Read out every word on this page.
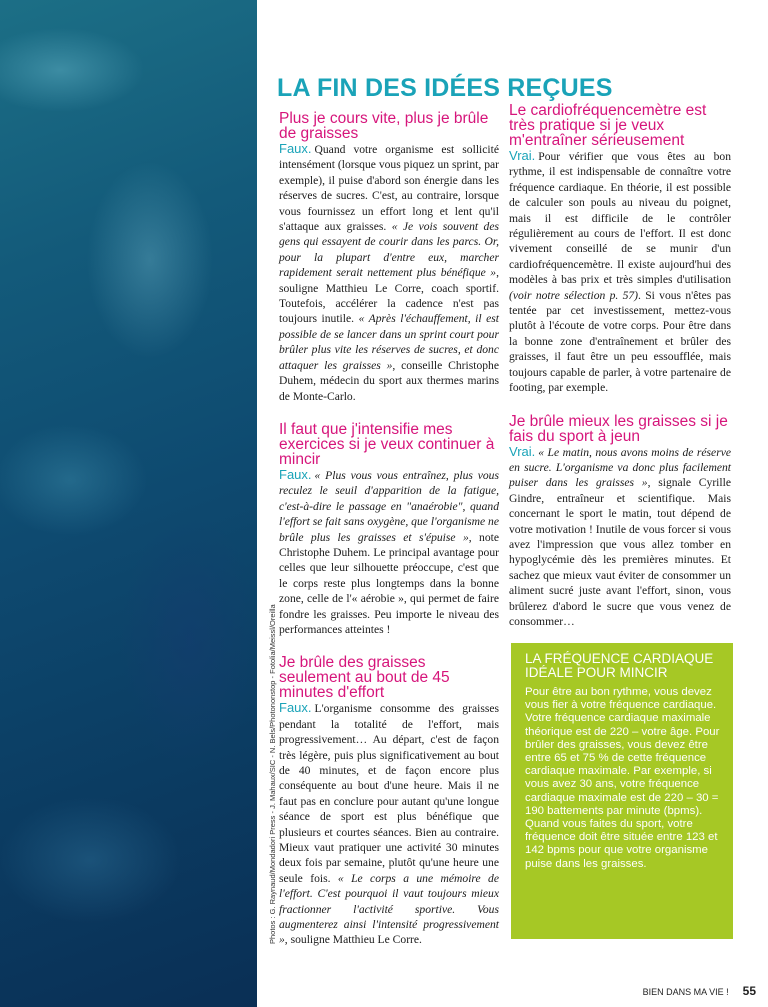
Photos : G. Raynaud/Mondadori Press - J. Mahaux/SIC - N. Bels/Photononstop - Fotolia/Meissl/Oreilla
LA FIN DES IDÉES REÇUES
Plus je cours vite, plus je brûle de graisses

Faux. Quand votre organisme est sollicité intensément (lorsque vous piquez un sprint, par exemple), il puise d'abord son énergie dans les réserves de sucres. C'est, au contraire, lorsque vous fournissez un effort long et lent qu'il s'attaque aux graisses. « Je vois souvent des gens qui essayent de courir dans les parcs. Or, pour la plupart d'entre eux, marcher rapidement serait nettement plus bénéfique », souligne Matthieu Le Corre, coach sportif. Toutefois, accélérer la cadence n'est pas toujours inutile. « Après l'échauffement, il est possible de se lancer dans un sprint court pour brûler plus vite les réserves de sucres, et donc attaquer les graisses », conseille Christophe Duhem, médecin du sport aux thermes marins de Monte-Carlo.

Il faut que j'intensifie mes exercices si je veux continuer à mincir

Faux. « Plus vous vous entraînez, plus vous reculez le seuil d'apparition de la fatigue, c'est-à-dire le passage en "anaérobie", quand l'effort se fait sans oxygène, que l'organisme ne brûle plus les graisses et s'épuise », note Christophe Duhem. Le principal avantage pour celles que leur silhouette préoccupe, c'est que le corps reste plus longtemps dans la bonne zone, celle de l'« aérobie », qui permet de faire fondre les graisses. Peu importe le niveau des performances atteintes !

Je brûle des graisses seulement au bout de 45 minutes d'effort

Faux. L'organisme consomme des graisses pendant la totalité de l'effort, mais progressivement… Au départ, c'est de façon très légère, puis plus significativement au bout de 40 minutes, et de façon encore plus conséquente au bout d'une heure. Mais il ne faut pas en conclure pour autant qu'une longue séance de sport est plus bénéfique que plusieurs et courtes séances. Bien au contraire. Mieux vaut pratiquer une activité 30 minutes deux fois par semaine, plutôt qu'une heure une seule fois. « Le corps a une mémoire de l'effort. C'est pourquoi il vaut toujours mieux fractionner l'activité sportive. Vous augmenterez ainsi l'intensité progressivement », souligne Matthieu Le Corre.

Le cardiofréquencemètre est très pratique si je veux m'entraîner sérieusement

Vrai. Pour vérifier que vous êtes au bon rythme, il est indispensable de connaître votre fréquence cardiaque. En théorie, il est possible de calculer son pouls au niveau du poignet, mais il est difficile de le contrôler régulièrement au cours de l'effort. Il est donc vivement conseillé de se munir d'un cardiofréquencemètre. Il existe aujourd'hui des modèles à bas prix et très simples d'utilisation (voir notre sélection p. 57). Si vous n'êtes pas tentée par cet investissement, mettez-vous plutôt à l'écoute de votre corps. Pour être dans la bonne zone d'entraînement et brûler des graisses, il faut être un peu essoufflée, mais toujours capable de parler, à votre partenaire de footing, par exemple.

Je brûle mieux les graisses si je fais du sport à jeun

Vrai. « Le matin, nous avons moins de réserve en sucre. L'organisme va donc plus facilement puiser dans les graisses », signale Cyrille Gindre, entraîneur et scientifique. Mais concernant le sport le matin, tout dépend de votre motivation ! Inutile de vous forcer si vous avez l'impression que vous allez tomber en hypoglycémie dès les premières minutes. Et sachez que mieux vaut éviter de consommer un aliment sucré juste avant l'effort, sinon, vous brûlerez d'abord le sucre que vous venez de consommer…

LA FRÉQUENCE CARDIAQUE IDÉALE POUR MINCIR

Pour être au bon rythme, vous devez vous fier à votre fréquence cardiaque. Votre fréquence cardiaque maximale théorique est de 220 – votre âge. Pour brûler des graisses, vous devez être entre 65 et 75 % de cette fréquence cardiaque maximale. Par exemple, si vous avez 30 ans, votre fréquence cardiaque maximale est de 220 – 30 = 190 battements par minute (bpms). Quand vous faites du sport, votre fréquence doit être située entre 123 et 142 bpms pour que votre organisme puise dans les graisses.

BIEN DANS MA VIE ! 55
